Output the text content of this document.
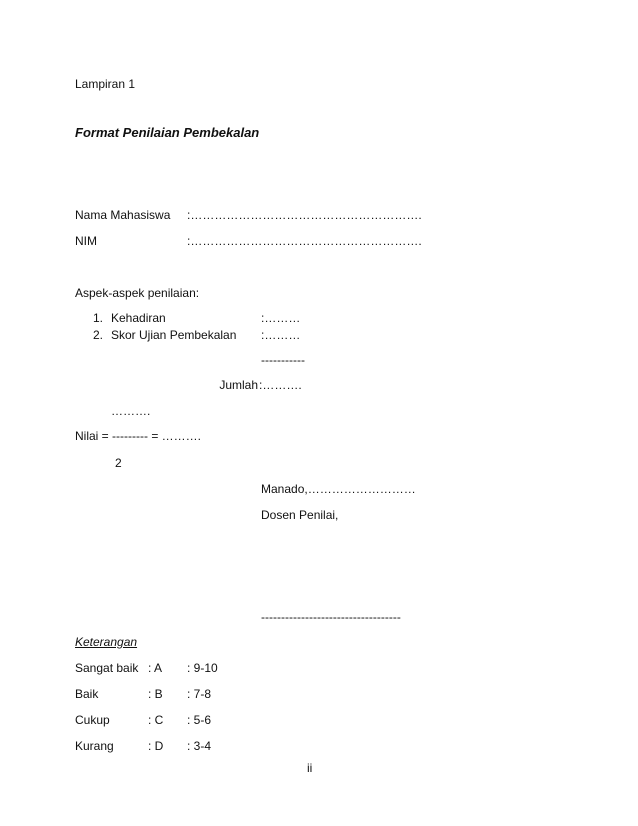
Lampiran 1
Format Penilaian Pembekalan
Nama Mahasiswa :………………………………………………….
NIM	:………………………………………………….
Aspek-aspek penilaian:
1. Kehadiran	:………
2. Skor Ujian Pembekalan :………
-----------
Jumlah :……….
……….
Nilai = --------- = ……….
2
Manado,………………………
Dosen Penilai,
-----------------------------------
Keterangan
Sangat baik : A : 9-10
Baik	: B : 7-8
Cukup	: C : 5-6
Kurang	: D : 3-4
ii
